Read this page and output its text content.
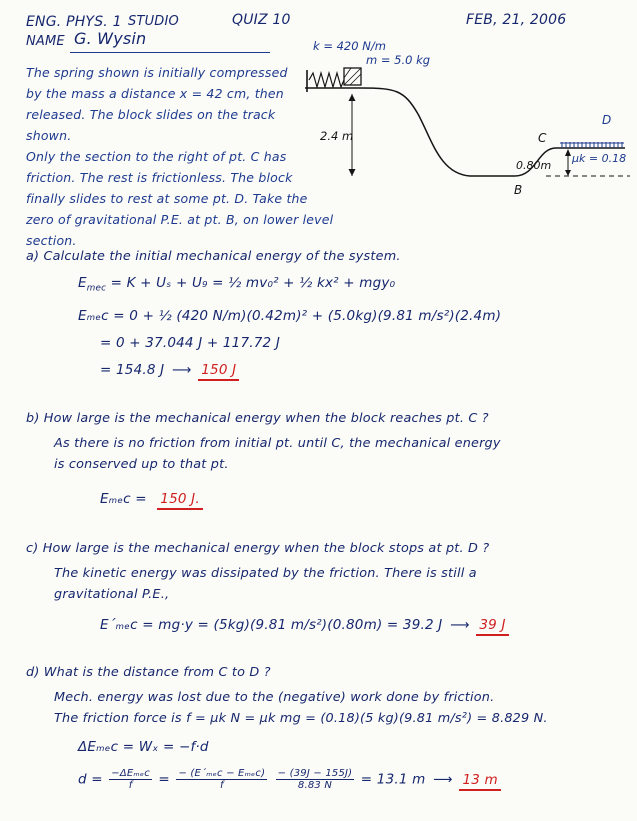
ENG. PHYS. 1 STUDIO	QUIZ 10	FEB, 21, 2006
NAME G. Wysin
The spring shown is initially compressed
by the mass a distance x = 42 cm, then
released. The block slides on the track shown.
Only the section to the right of pt. C has
friction. The rest is frictionless. The block
finally slides to rest at some pt. D. Take the
zero of gravitational P.E. at pt. B, on lower level section.
k = 420 N/m
m = 5.0 kg
2.4 m
B
C
D
μk = 0.18
0.80m
a) Calculate the initial mechanical energy of the system.
$E_{mec} = K + U_s + U_9$ = ½ mv₀² + ½ kx² + mgy₀
Eₘₑᴄ = 0 + ½ (420 N/m)(0.42m)² + (5.0kg)(9.81 m/s²)(2.4m)
= 0 + 37.044 J + 117.72 J
= 154.8 J  ⟶  150 J
b) How large is the mechanical energy when the block reaches pt. C ?
As there is no friction from initial pt. until C, the mechanical energy
is conserved up to that pt.
Eₘₑᴄ = 150 J.
c) How large is the mechanical energy when the block stops at pt. D ?
The kinetic energy was dissipated by the friction. There is still a
gravitational P.E.,
E´ₘₑᴄ = mg·y = (5kg)(9.81 m/s²)(0.80m) = 39.2 J  ⟶  39 J
d) What is the distance from C to D ?
Mech. energy was lost due to the (negative) work done by friction.
The friction force is f = μk N = μk mg = (0.18)(5 kg)(9.81 m/s²) = 8.829 N.
ΔEₘₑᴄ = Wₓ = −f·d
$d = \frac{\text{−ΔEₘₑᴄ}}{f} = \frac{\text{− (E´ₘₑᴄ − Eₘₑᴄ)}}{f}$
$\frac{- (39J - 155J)}{8.83 N} = 13.1$ m  ⟶  13 m
